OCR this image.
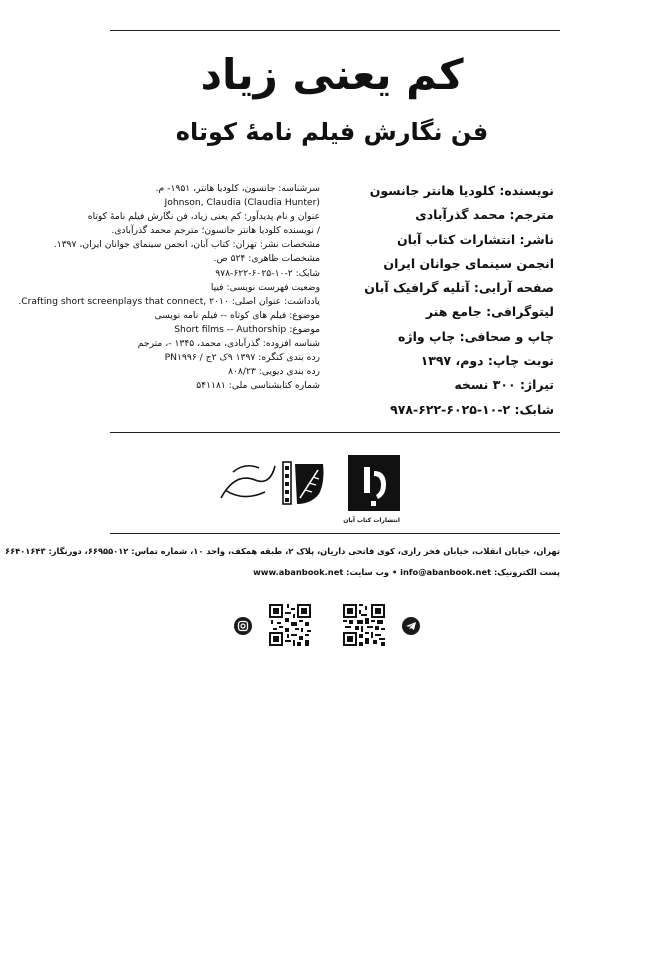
کم یعنی زیاد
فن نگارش فیلم نامهٔ کوتاه
نویسنده: کلودیا هانتر جانسون
مترجم: محمد گذرآبادی
ناشر: انتشارات کتاب آبان
انجمن سینمای جوانان ایران
صفحه آرایی: آتلیه گرافیک آبان
لیتوگرافی: جامع هنر
چاپ و صحافی: چاپ واژه
نوبت چاپ: دوم، ۱۳۹۷
تیراژ: ۳۰۰ نسخه
شابک: ۲-۱۰-۶۰۲۵-۶۲۲-۹۷۸
سرشناسه: جانسون، کلودیا هانتر، ۱۹۵۱- م.
Johnson, Claudia (Claudia Hunter)
عنوان و نام پدیدآور: کم یعنی زیاد، فن نگارش فیلم نامهٔ کوتاه
/ نویسنده کلودیا هانتر جانسون؛ مترجم محمد گذرآبادی.
مشخصات نشر: تهران: کتاب آبان، انجمن سینمای جوانان ایران، ۱۳۹۷.
مشخصات ظاهری: ۵۲۴ ص.
شابک: ۲-۱۰-۶۰۲۵-۶۲۲-۹۷۸
وضعیت فهرست نویسی: فیپا
یادداشت: عنوان اصلی: Crafting short screenplays that connect, ۲۰۱۰.
موضوع: فیلم های کوتاه -- فیلم نامه نویسی
موضوع: Short films -- Authorship
شناسه افزوده: گذرآبادی، محمد، ۱۳۴۵ -، مترجم
رده بندی کنگره: ۱۳۹۷ ۹ک ۲ج / PN۱۹۹۶
رده بندی دیویی: ۸۰۸/۲۳
شماره کتابشناسی ملی: ۵۴۱۱۸۱
انتشارات کتاب آبان
تهران، خیابان انقلاب، خیابان فخر رازی، کوی فاتحی داریان، پلاک ۲، طبقه همکف، واحد ۱۰، شماره تماس: ۶۶۹۵۵۰۱۲، دورنگار: ۶۶۴۰۱۶۴۳
پست الکترونیک: info@abanbook.net • وب سایت: www.abanbook.net
